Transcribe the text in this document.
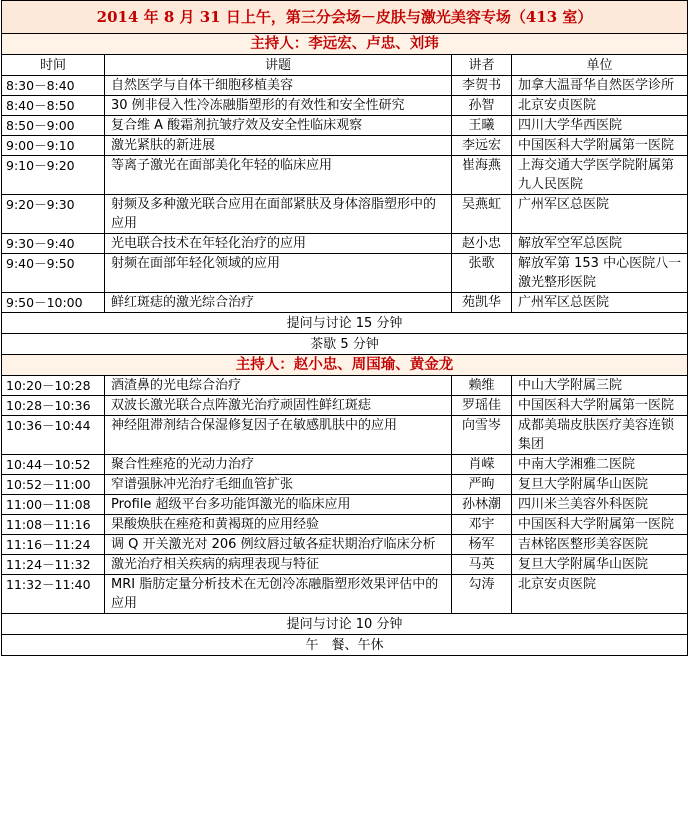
2014 年 8 月 31 日上午，第三分会场－皮肤与激光美容专场（413 室）			
主持人：李远宏、卢忠、刘玮			
时间	讲题	讲者	单位
8:30－8:40	自然医学与自体干细胞移植美容	李贺书	加拿大温哥华自然医学诊所
8:40－8:50	30 例非侵入性冷冻融脂塑形的有效性和安全性研究	孙智	北京安贞医院
8:50－9:00	复合维 A 酸霜剂抗皱疗效及安全性临床观察	王曦	四川大学华西医院
9:00－9:10	激光紧肤的新进展	李远宏	中国医科大学附属第一医院
9:10－9:20	等离子激光在面部美化年轻的临床应用	崔海燕	上海交通大学医学院附属第九人民医院
9:20－9:30	射频及多种激光联合应用在面部紧肤及身体溶脂塑形中的应用	吴燕虹	广州军区总医院
9:30－9:40	光电联合技术在年轻化治疗的应用	赵小忠	解放军空军总医院
9:40－9:50	射频在面部年轻化领域的应用	张歌	解放军第 153 中心医院八一激光整形医院
9:50－10:00	鲜红斑痣的激光综合治疗	苑凯华	广州军区总医院
提问与讨论 15 分钟			
茶歇 5 分钟			
主持人：赵小忠、周国瑜、黄金龙			
10:20－10:28	酒渣鼻的光电综合治疗	赖维	中山大学附属三院
10:28－10:36	双波长激光联合点阵激光治疗顽固性鲜红斑痣	罗瑶佳	中国医科大学附属第一医院
10:36－10:44	神经阻滞剂结合保湿修复因子在敏感肌肤中的应用	向雪岑	成都美瑞皮肤医疗美容连锁集团
10:44－10:52	聚合性痤疮的光动力治疗	肖嵘	中南大学湘雅二医院
10:52－11:00	窄谱强脉冲光治疗毛细血管扩张	严昫	复旦大学附属华山医院
11:00－11:08	Profile 超级平台多功能饵激光的临床应用	孙林潮	四川米兰美容外科医院
11:08－11:16	果酸焕肤在痤疮和黄褐斑的应用经验	邓宇	中国医科大学附属第一医院
11:16－11:24	调 Q 开关激光对 206 例纹唇过敏各症状期治疗临床分析	杨军	吉林铭医整形美容医院
11:24－11:32	激光治疗相关疾病的病理表现与特征	马英	复旦大学附属华山医院
11:32－11:40	MRI 脂肪定量分析技术在无创冷冻融脂塑形效果评估中的应用	勾涛	北京安贞医院
提问与讨论 10 分钟			
午　餐、午休			
